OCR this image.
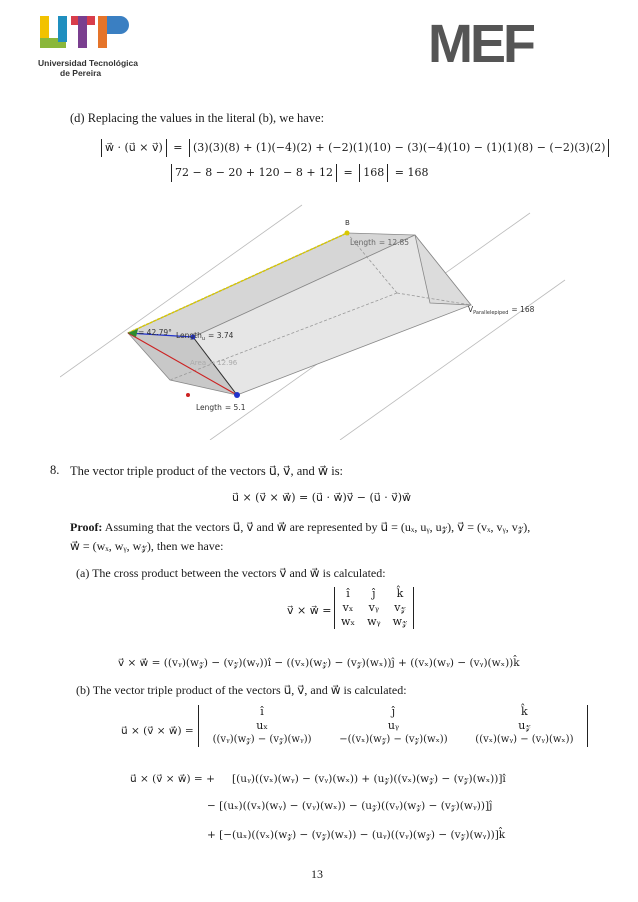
Universidad Tecnológica
de Pereira	MEF
(d) Replacing the values in the literal (b), we have:
w⃗ · (u⃗ × v⃗) = (3)(3)(8) + (1)(−4)(2) + (−2)(1)(10) − (3)(−4)(10) − (1)(1)(8) − (−2)(3)(2)
72 − 8 − 20 + 120 − 8 + 12 = 168 = 168
B
Length = 12.85
$V_{Parallelepiped} = 168$
= 42.79° Length$_u$ = 3.74
Area = 12.96
Length = 5.1
8. The vector triple product of the vectors u⃗, v⃗, and w⃗ is:
u⃗ × (v⃗ × w⃗) = (u⃗ · w⃗)v⃗ − (u⃗ · v⃗)w⃗
Proof: Assuming that the vectors u⃗, v⃗ and w⃗ are represented by u⃗ = (uₓ, uᵧ, u𝓏), v⃗ = (vₓ, vᵧ, v𝓏),
w⃗ = (wₓ, wᵧ, w𝓏), then we have:
(a) The cross product between the vectors v⃗ and w⃗ is calculated:
v⃗ × w⃗ =
î	ĵ	k̂
vₓ	vᵧ	v𝓏
wₓ	wᵧ	w𝓏
v⃗ × w⃗ = ((vᵧ)(w𝓏) − (v𝓏)(wᵧ))î − ((vₓ)(w𝓏) − (v𝓏)(wₓ))ĵ + ((vₓ)(wᵧ) − (vᵧ)(wₓ))k̂
(b) The vector triple product of the vectors u⃗, v⃗, and w⃗ is calculated:
u⃗ × (v⃗ × w⃗) =
î	ĵ	k̂
uₓ	uᵧ	u𝓏
((vᵧ)(w𝓏) − (v𝓏)(wᵧ))	−((vₓ)(w𝓏) − (v𝓏)(wₓ))	((vₓ)(wᵧ) − (vᵧ)(wₓ))
u⃗ × (v⃗ × w⃗) = + [(uᵧ)((vₓ)(wᵧ) − (vᵧ)(wₓ)) + (u𝓏)((vₓ)(w𝓏) − (v𝓏)(wₓ))]î
− [(uₓ)((vₓ)(wᵧ) − (vᵧ)(wₓ)) − (u𝓏)((vᵧ)(w𝓏) − (v𝓏)(wᵧ))]ĵ
+ [−(uₓ)((vₓ)(w𝓏) − (v𝓏)(wₓ)) − (uᵧ)((vᵧ)(w𝓏) − (v𝓏)(wᵧ))]k̂
13
